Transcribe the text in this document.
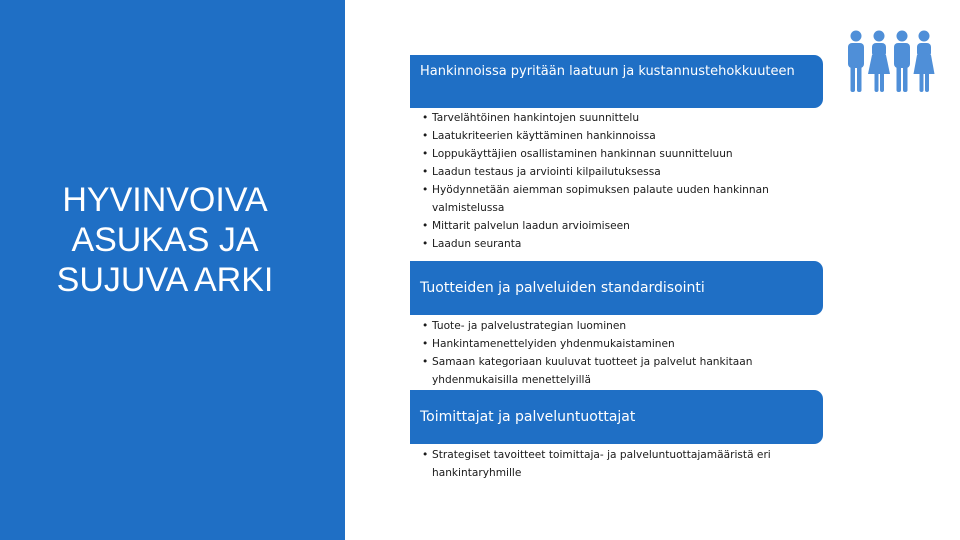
HYVINVOIVA
ASUKAS JA
SUJUVA ARKI
Hankinnoissa pyritään laatuun ja kustannustehokkuuteen
• Tarvelähtöinen hankintojen suunnittelu
• Laatukriteerien käyttäminen hankinnoissa
• Loppukäyttäjien osallistaminen hankinnan suunnitteluun
• Laadun testaus ja arviointi kilpailutuksessa
• Hyödynnetään aiemman sopimuksen palaute uuden hankinnan valmistelussa
• Mittarit palvelun laadun arvioimiseen
• Laadun seuranta
Tuotteiden ja palveluiden standardisointi
• Tuote- ja palvelustrategian luominen
• Hankintamenettelyiden yhdenmukaistaminen
• Samaan kategoriaan kuuluvat tuotteet ja palvelut hankitaan yhdenmukaisilla menettelyillä
Toimittajat ja palveluntuottajat
• Strategiset tavoitteet toimittaja- ja palveluntuottajamääristä eri hankintaryhmille
